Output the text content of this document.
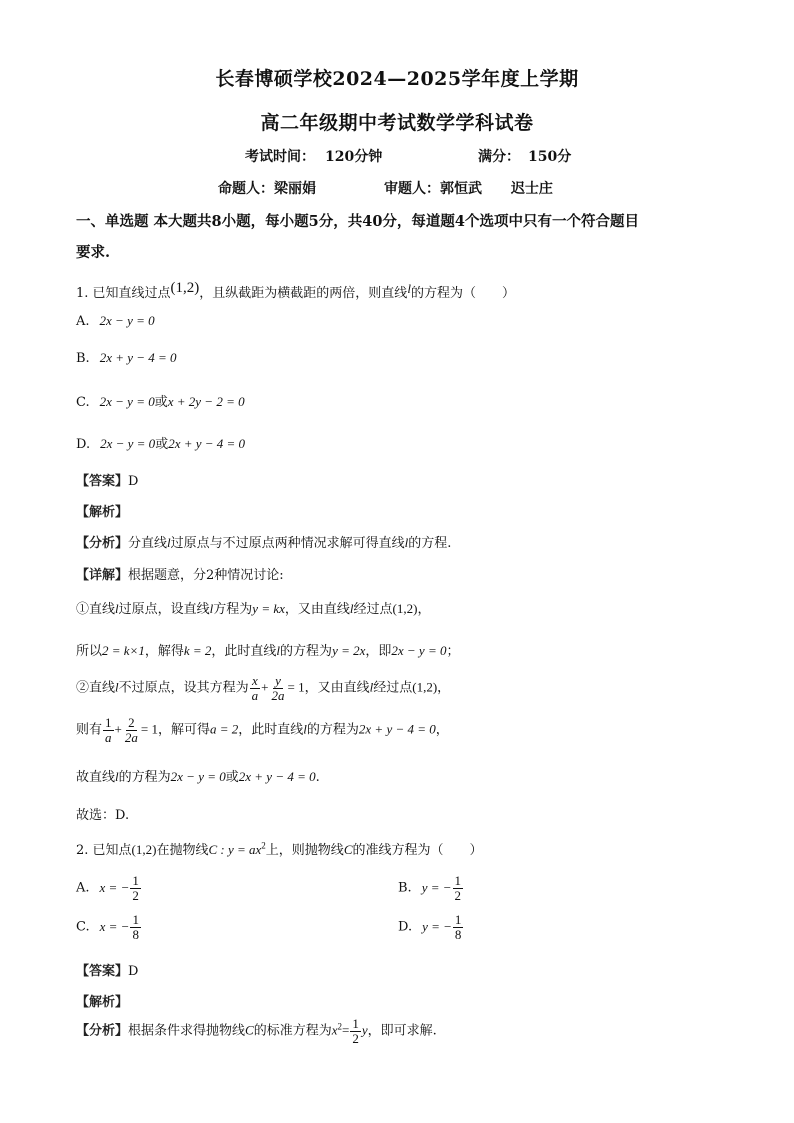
长春博硕学校2024—2025学年度上学期
高二年级期中考试数学学科试卷
考试时间： 120分钟	满分： 150分
命题人：梁丽娟	审题人：郭恒武 迟士庄
一、单选题 本大题共8小题，每小题5分，共40分，每道题4个选项中只有一个符合题目
要求.
1. 已知直线过点(1,2)，且纵截距为横截距的两倍，则直线l的方程为（　　）
A. 2x − y = 0
B. 2x + y − 4 = 0
C. 2x − y = 0或x + 2y − 2 = 0
D. 2x − y = 0或2x + y − 4 = 0
【答案】D
【解析】
【分析】分直线l过原点与不过原点两种情况求解可得直线l的方程.
【详解】根据题意，分2种情况讨论:
①直线l过原点，设直线l方程为y = kx，又由直线l经过点(1,2)，
所以2 = k×1，解得k = 2，此时直线l的方程为y = 2x，即2x − y = 0；
②直线l不过原点，设其方程为 $\frac{x}{a} + \frac{y}{2a} = 1$，又由直线l经过点(1,2)，
则有 $\frac{1}{a} + \frac{2}{2a} = 1$，解可得a = 2，此时直线l的方程为2x + y − 4 = 0，
故直线l的方程为2x − y = 0或2x + y − 4 = 0.
故选：D.
2. 已知点(1,2)在抛物线C : $y = ax^2$上，则抛物线C的准线方程为（　　）
A. x = − $\frac{1}{2}$	B. y = − $\frac{1}{2}$
C. x = − $\frac{1}{8}$	D. y = − $\frac{1}{8}$
【答案】D
【解析】
【分析】根据条件求得抛物线C的标准方程为$x^2= \frac{1}{2}$ y，即可求解.
